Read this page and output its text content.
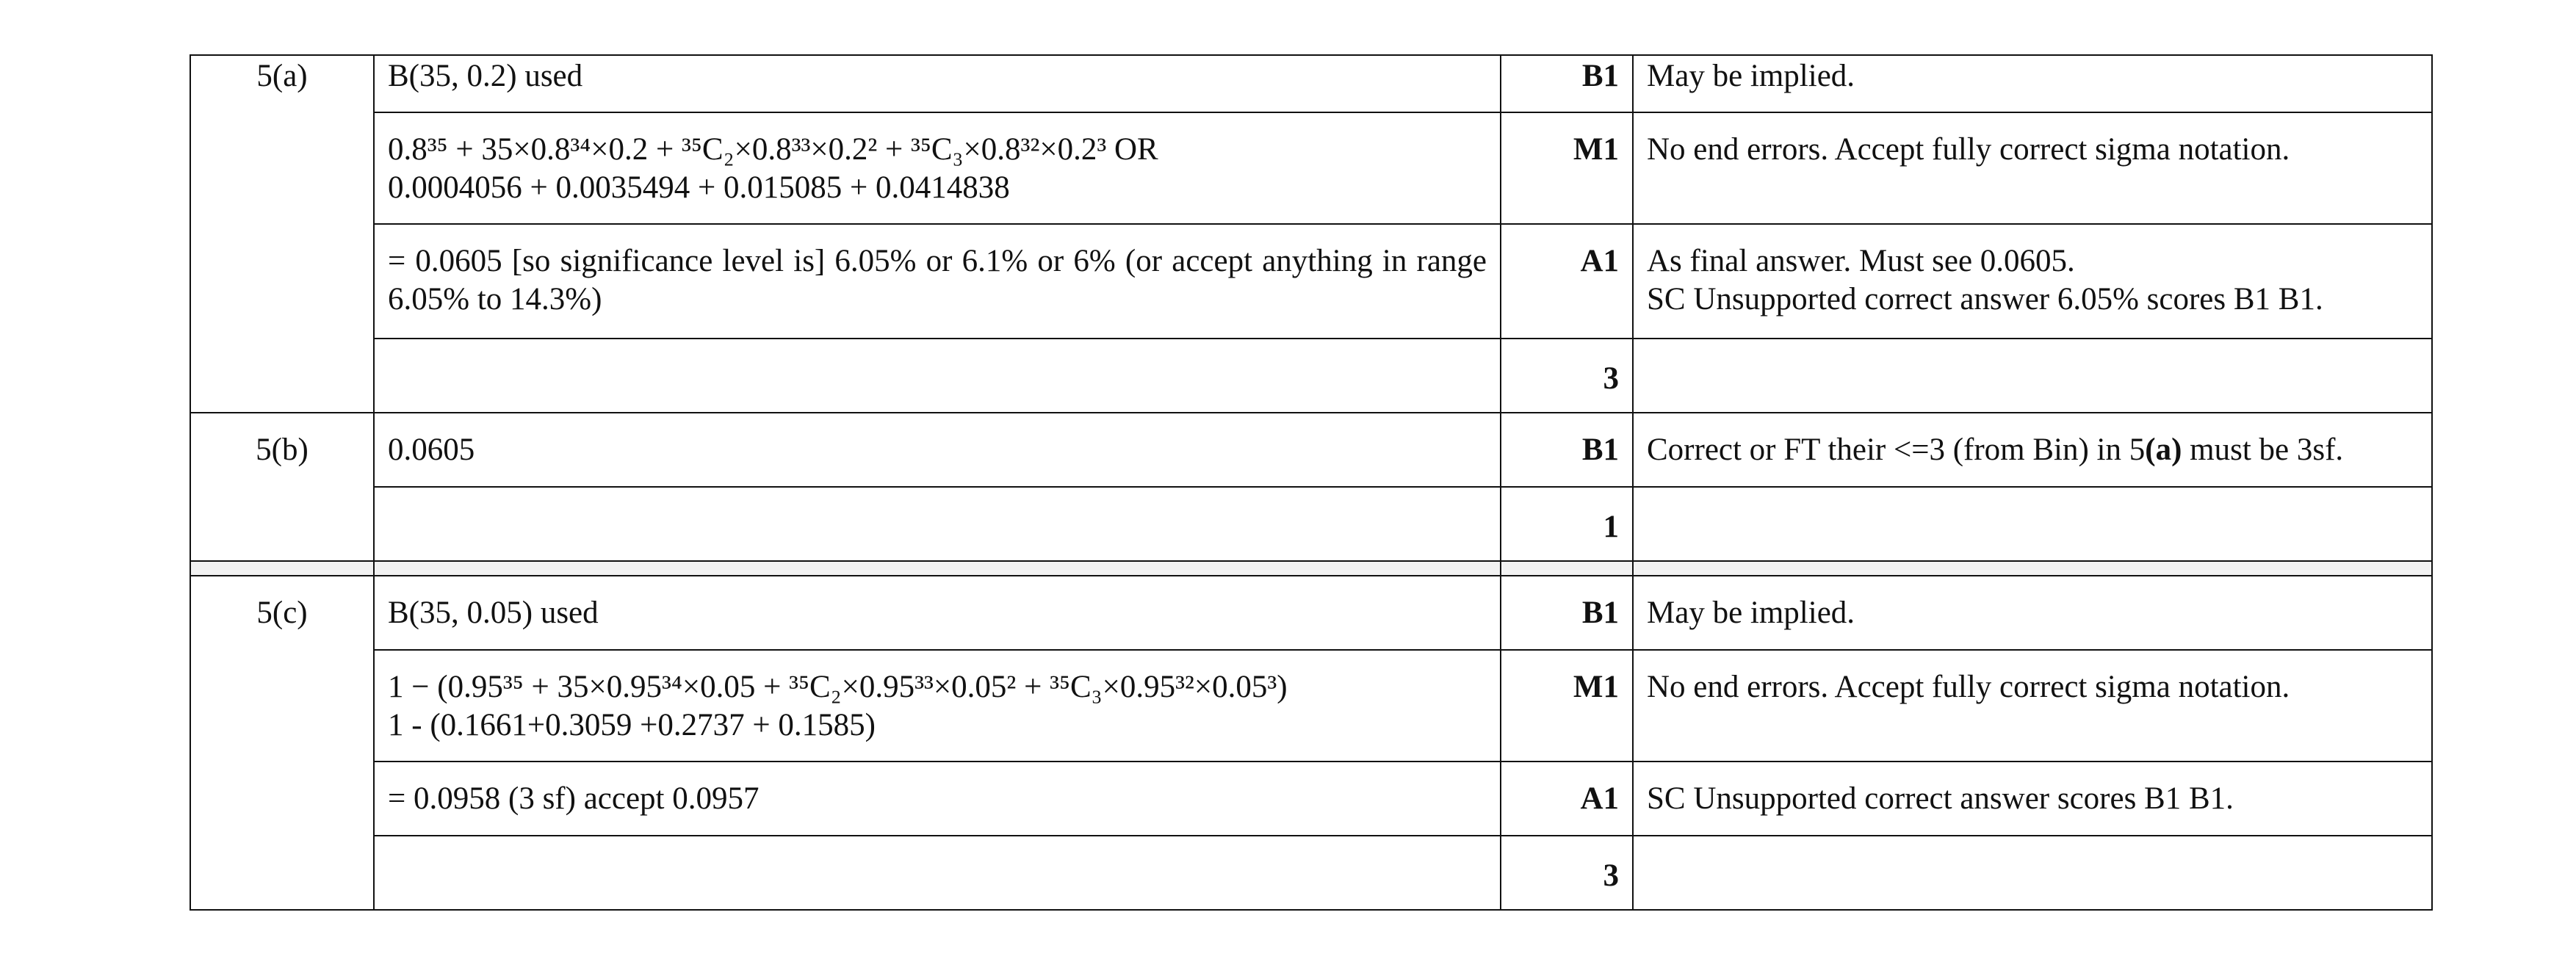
5(a)	B(35, 0.2) used	B1	May be implied.

	0.8³⁵ + 35×0.8³⁴×0.2 + ³⁵C₂×0.8³³×0.2² + ³⁵C₃×0.8³²×0.2³ OR
0.0004056 + 0.0035494 + 0.015085 + 0.0414838	M1	No end errors. Accept fully correct sigma notation.
	= 0.0605 [so significance level is] 6.05% or 6.1% or 6% (or accept anything in range 6.05% to 14.3%)	A1	As final answer. Must see 0.0605.
SC Unsupported correct answer 6.05% scores B1 B1.

		3	
5(b)	0.0605	B1	Correct or FT their <=3 (from Bin) in 5(a) must be 3sf.
		1	

5(c)	B(35, 0.05) used	B1	May be implied.

	1 − (0.95³⁵ + 35×0.95³⁴×0.05 + ³⁵C₂×0.95³³×0.05² + ³⁵C₃×0.95³²×0.05³)
1 - (0.1661+0.3059 +0.2737 + 0.1585)	M1	No end errors. Accept fully correct sigma notation.
	= 0.0958 (3 sf) accept 0.0957	A1	SC Unsupported correct answer scores B1 B1.
		3	
